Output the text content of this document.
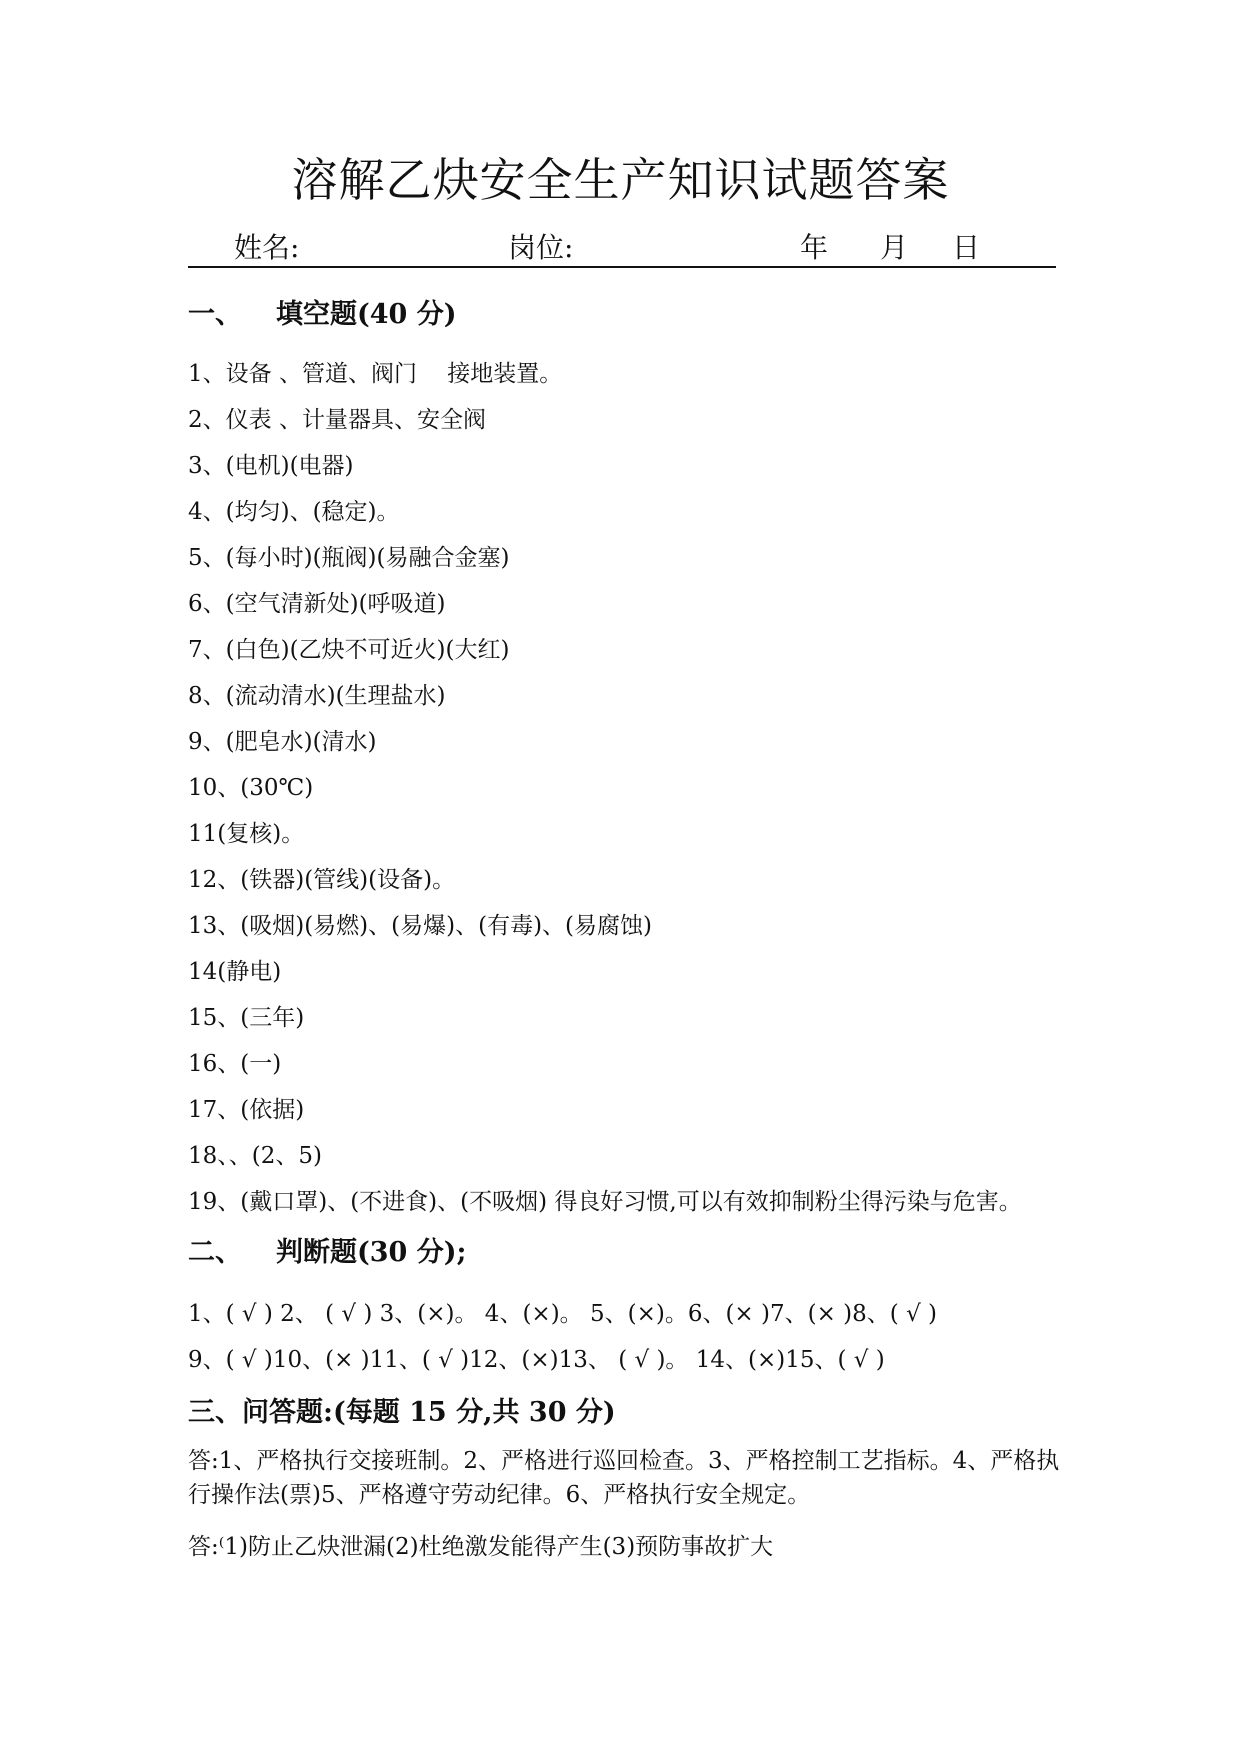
溶解乙炔安全生产知识试题答案
姓名:	岗位:	年 月 日
一、 填空题(40 分)
1、设备 、管道、阀门　 接地装置。
2、仪表 、计量器具、安全阀
3、(电机)(电器)
4、(均匀)、(稳定)。
5、(每小时)(瓶阀)(易融合金塞)
6、(空气清新处)(呼吸道)
7、(白色)(乙炔不可近火)(大红)
8、(流动清水)(生理盐水)
9、(肥皂水)(清水)
10、(30℃)
11(复核)。
12、(铁器)(管线)(设备)。
13、(吸烟)(易燃)、(易爆)、(有毒)、(易腐蚀)
14(静电)
15、(三年)
16、(一)
17、(依据)
18、、(2、5)
19、(戴口罩)、(不进食)、(不吸烟) 得良好习惯,可以有效抑制粉尘得污染与危害。
二、 判断题(30 分);
1、( √ ) 2、 ( √ ) 3、(×)。 4、(×)。 5、(×)。6、(× )7、(× )8、( √ )
9、( √ )10、(× )11、( √ )12、(×)13、 ( √ )。 14、(×)15、( √ )
三、问答题:(每题 15 分,共 30 分)
答:1、严格执行交接班制。2、严格进行巡回检查。3、严格控制工艺指标。4、严格执行操作法(票)5、严格遵守劳动纪律。6、严格执行安全规定。
答:⁽1)防止乙炔泄漏(2)杜绝激发能得产生(3)预防事故扩大
